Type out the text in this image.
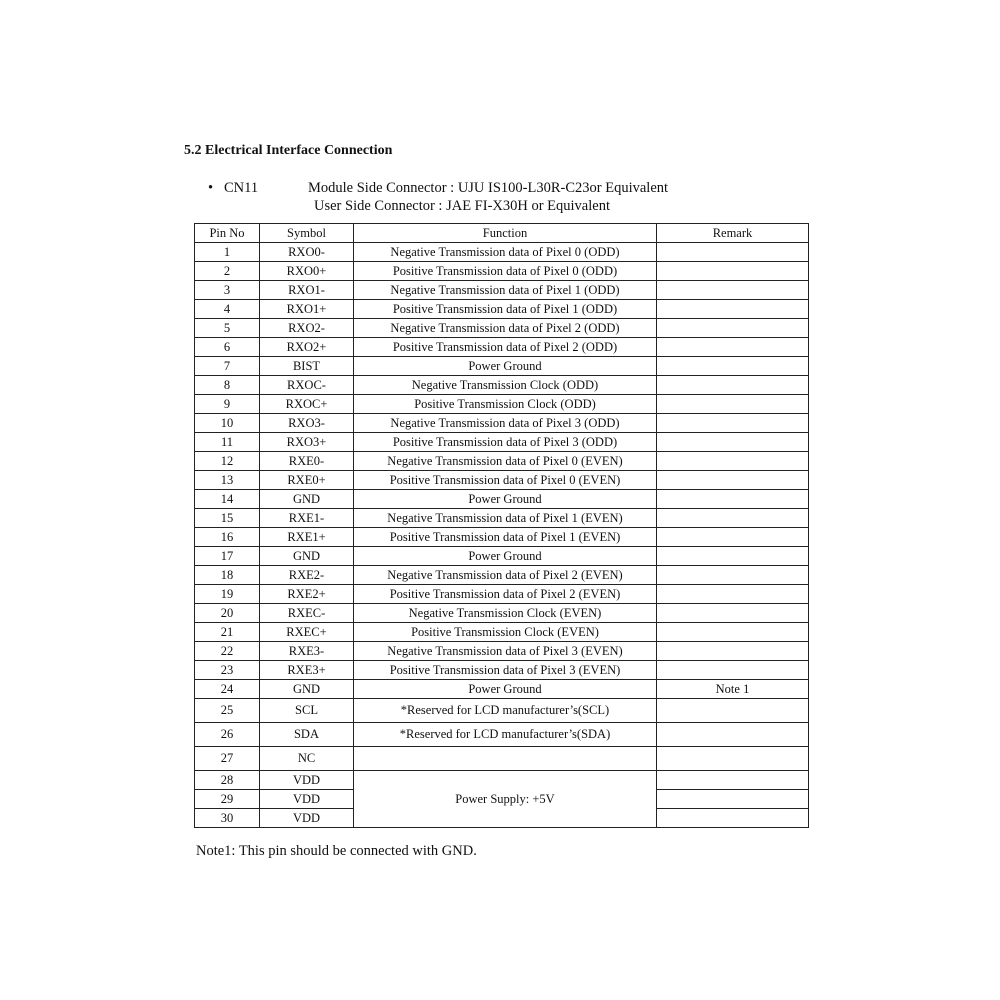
5.2 Electrical Interface Connection
• CN11	Module Side Connector : UJU IS100-L30R-C23or Equivalent
User Side Connector : JAE FI-X30H or Equivalent
Pin No	Symbol	Function	Remark
1	RXO0-	Negative Transmission data of Pixel 0 (ODD)	
2	RXO0+	Positive Transmission data of Pixel 0 (ODD)	
3	RXO1-	Negative Transmission data of Pixel 1 (ODD)	
4	RXO1+	Positive Transmission data of Pixel 1 (ODD)	
5	RXO2-	Negative Transmission data of Pixel 2 (ODD)	
6	RXO2+	Positive Transmission data of Pixel 2 (ODD)	
7	BIST	Power Ground	
8	RXOC-	Negative Transmission Clock (ODD)	
9	RXOC+	Positive Transmission Clock (ODD)	
10	RXO3-	Negative Transmission data of Pixel 3 (ODD)	
11	RXO3+	Positive Transmission data of Pixel 3 (ODD)	
12	RXE0-	Negative Transmission data of Pixel 0 (EVEN)	
13	RXE0+	Positive Transmission data of Pixel 0 (EVEN)	
14	GND	Power Ground	
15	RXE1-	Negative Transmission data of Pixel 1 (EVEN)	
16	RXE1+	Positive Transmission data of Pixel 1 (EVEN)	
17	GND	Power Ground	
18	RXE2-	Negative Transmission data of Pixel 2 (EVEN)	
19	RXE2+	Positive Transmission data of Pixel 2 (EVEN)	
20	RXEC-	Negative Transmission Clock (EVEN)	
21	RXEC+	Positive Transmission Clock (EVEN)	
22	RXE3-	Negative Transmission data of Pixel 3 (EVEN)	
23	RXE3+	Positive Transmission data of Pixel 3 (EVEN)	
24	GND	Power Ground	Note 1
25	SCL	*Reserved for LCD manufacturer’s(SCL)	
26	SDA	*Reserved for LCD manufacturer’s(SDA)	
27	NC		
28	VDD	Power Supply: +5V	
29	VDD		
30	VDD		
Note1: This pin should be connected with GND.
